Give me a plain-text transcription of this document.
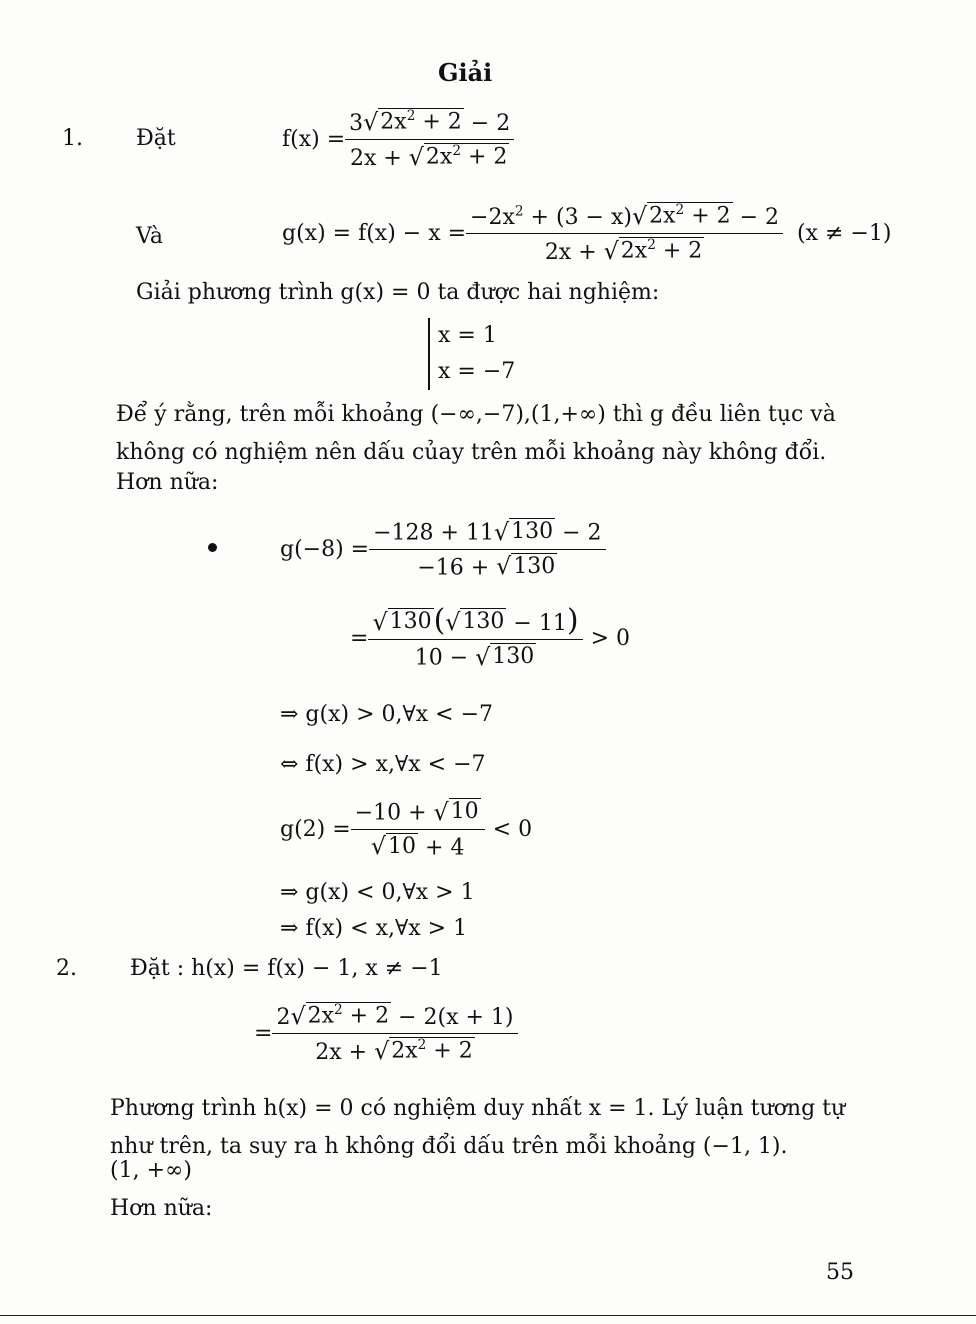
Giải
1. Đặt	$f(x) = \frac{3 √ 2x^2 + 2 - 2}{2x + √ 2x^2 + 2}$
Và	$g(x) = f(x) - x = \frac{-2x^2 + (3 - x) √ 2x^2 + 2 - 2}{2x + √ 2x^2 + 2} (x \ne -1)$
Giải phương trình g(x) = 0 ta được hai nghiệm:
x = 1
x = −7
Để ý rằng, trên mỗi khoảng (−∞,−7),(1,+∞) thì g đều liên tục và không có nghiệm nên dấu củay trên mỗi khoảng này không đổi.
Hơn nữa:
$g(-8) = \frac{-128 + 11 √ 130 - 2}{-16 + √ 130}$
= $\frac{√ 130 ( √ 130 - 11)}{10 - √ 130} > 0$
⇒ g(x) > 0,∀x < −7
⇔ f(x) > x,∀x < −7
$g(2) = \frac{-10 + √ 10}{√ 10 + 4} < 0$
⇒ g(x) < 0,∀x > 1
⇒ f(x) < x,∀x > 1
2. Đặt : h(x) = f(x) − 1, x ≠ −1
= $\frac{2 √ 2x^2 + 2 - 2(x + 1)}{2x + √ 2x^2 + 2}$
Phương trình h(x) = 0 có nghiệm duy nhất x = 1. Lý luận tương tự như trên, ta suy ra h không đổi dấu trên mỗi khoảng (−1, 1).
(1, +∞)
Hơn nữa:
55
